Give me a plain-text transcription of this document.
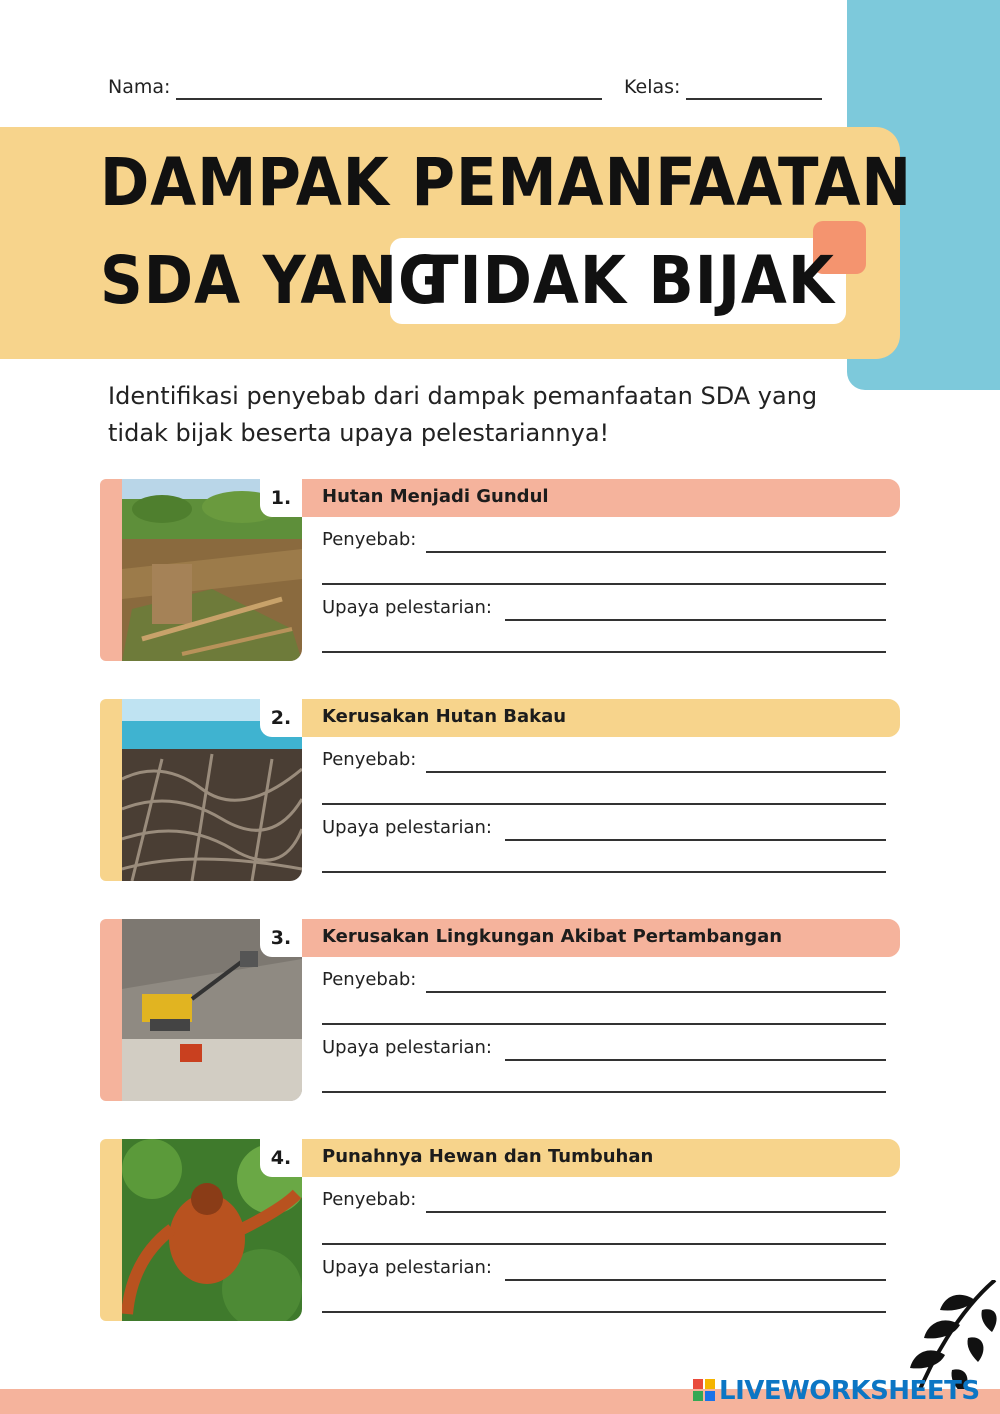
Nama:	Kelas:
DAMPAK PEMANFAATAN
SDA YANG
TIDAK BIJAK
Identifikasi penyebab dari dampak pemanfaatan SDA yang tidak bijak beserta upaya pelestariannya!
1.	Hutan Menjadi Gundul
Penyebab:
Upaya pelestarian:
2.	Kerusakan Hutan Bakau
Penyebab:
Upaya pelestarian:
3.	Kerusakan Lingkungan Akibat Pertambangan
Penyebab:
Upaya pelestarian:
4.	Punahnya Hewan dan Tumbuhan
Penyebab:
Upaya pelestarian:
LIVEWORKSHEETS
